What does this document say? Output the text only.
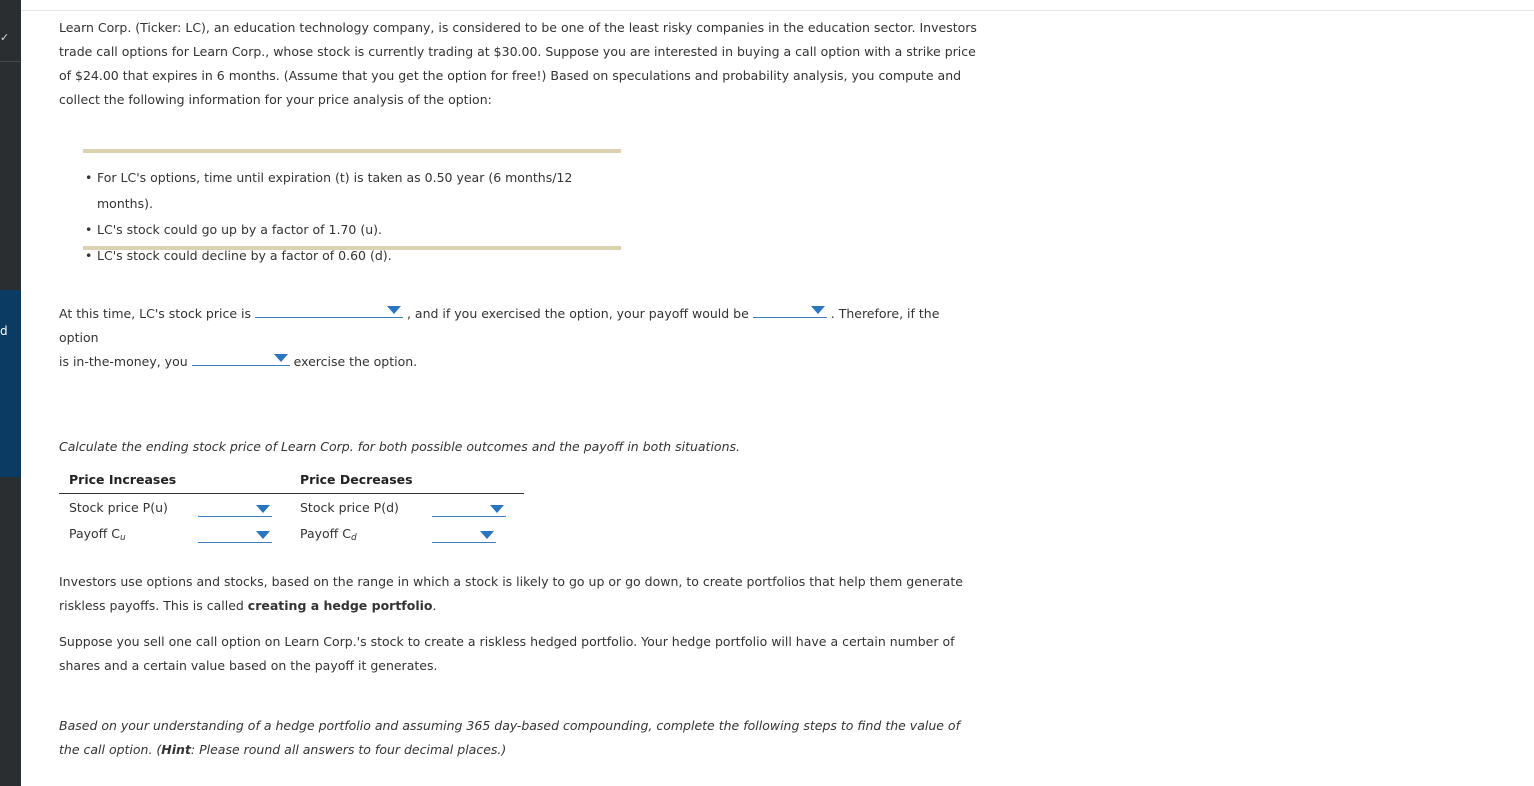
✓
d
Learn Corp. (Ticker: LC), an education technology company, is considered to be one of the least risky companies in the education sector. Investors trade call options for Learn Corp., whose stock is currently trading at $30.00. Suppose you are interested in buying a call option with a strike price of $24.00 that expires in 6 months. (Assume that you get the option for free!) Based on speculations and probability analysis, you compute and collect the following information for your price analysis of the option:
• For LC's options, time until expiration (t) is taken as 0.50 year (6 months/12 months).
• LC's stock could go up by a factor of 1.70 (u).
• LC's stock could decline by a factor of 0.60 (d).
At this time, LC's stock price is	, and if you exercised the option, your payoff would be	. Therefore, if the option
is in-the-money, you	exercise the option.
Calculate the ending stock price of Learn Corp. for both possible outcomes and the payoff in both situations.
Price Increases	Price Decreases
Stock price P(u)	Stock price P(d)
Payoff $C_u$	Payoff $C_d$
Investors use options and stocks, based on the range in which a stock is likely to go up or go down, to create portfolios that help them generate
riskless payoffs. This is called creating a hedge portfolio.
Suppose you sell one call option on Learn Corp.'s stock to create a riskless hedged portfolio. Your hedge portfolio will have a certain number of shares and a certain value based on the payoff it generates.
Based on your understanding of a hedge portfolio and assuming 365 day-based compounding, complete the following steps to find the value of the call option. (Hint: Please round all answers to four decimal places.)
